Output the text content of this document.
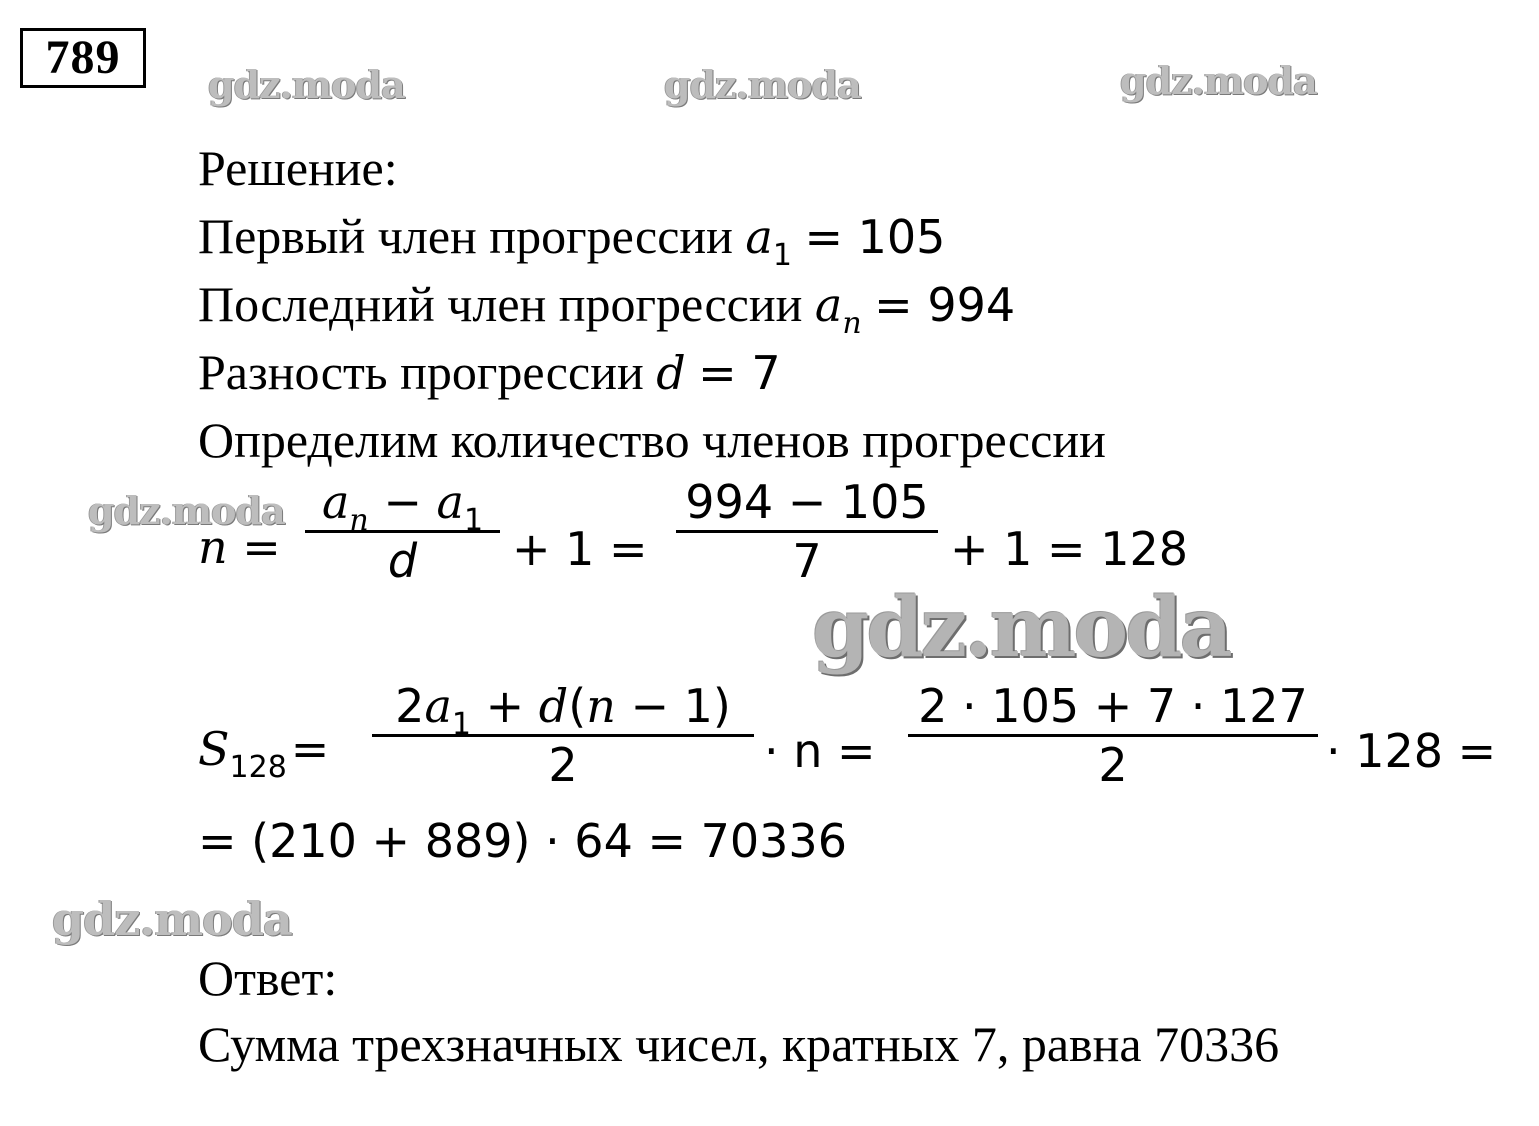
789
gdz.moda	gdz.moda	gdz.moda
Решение:
Первый член прогрессии $a_1 = 105$
Последний член прогрессии $a_n = 994$
Разность прогрессии d = 7
Определим количество членов прогрессии
n =
$a_n - a_1$
d	+ 1 =
994 − 105
7	+ 1 = 128
gdz.moda
gdz.moda
$S_{128}$ =
$2a_1 + d(n - 1)$
2	· n =
2 · 105 + 7 · 127
2	· 128 =
= (210 + 889) · 64 = 70336
gdz.moda
Ответ:
Сумма трехзначных чисел, кратных 7, равна 70336
